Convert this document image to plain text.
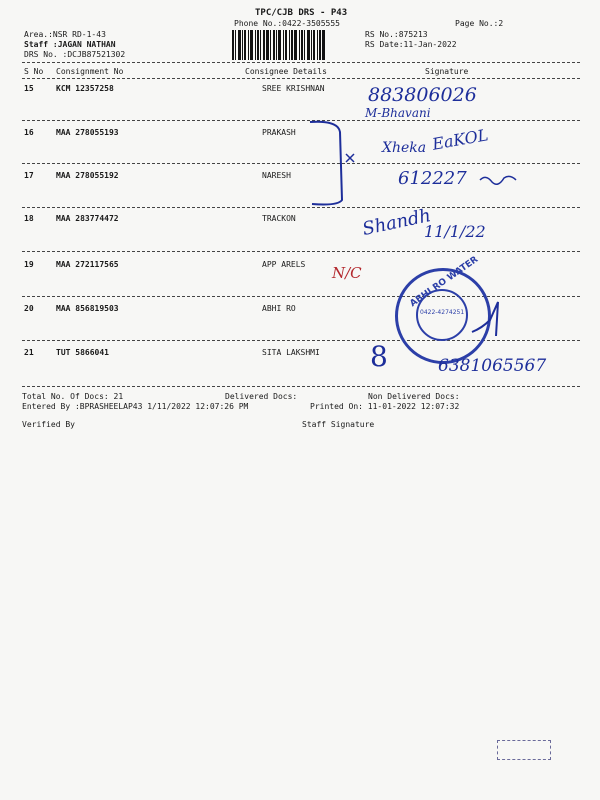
TPC/CJB DRS - P43
Phone No.:0422-3505555	Page No.:2
Area.:NSR RD-1-43
Staff :JAGAN NATHAN
DRS No. :DCJB87521302
RS No.:875213
RS Date:11-Jan-2022
S No Consignment No	Consignee Details	Signature
15	KCM 12357258	SREE KRISHNAN
16	MAA 278055193	PRAKASH
17	MAA 278055192	NARESH
18	MAA 283774472	TRACKON
19	MAA 272117565	APP ARELS
20	MAA 856819503	ABHI RO
21	TUT 5866041	SITA LAKSHMI
883806026
M-Bhavani
Xheka EaKOL
612227
Shandh
11/1/22
N/C	ABHI RO WATER
0422-4274251
8	6381065567
Total No. Of Docs: 21	Delivered Docs:	Non Delivered Docs:
Entered By :BPRASHEELAP43 1/11/2022 12:07:26 PM	Printed On: 11-01-2022 12:07:32
Verified By	Staff Signature
